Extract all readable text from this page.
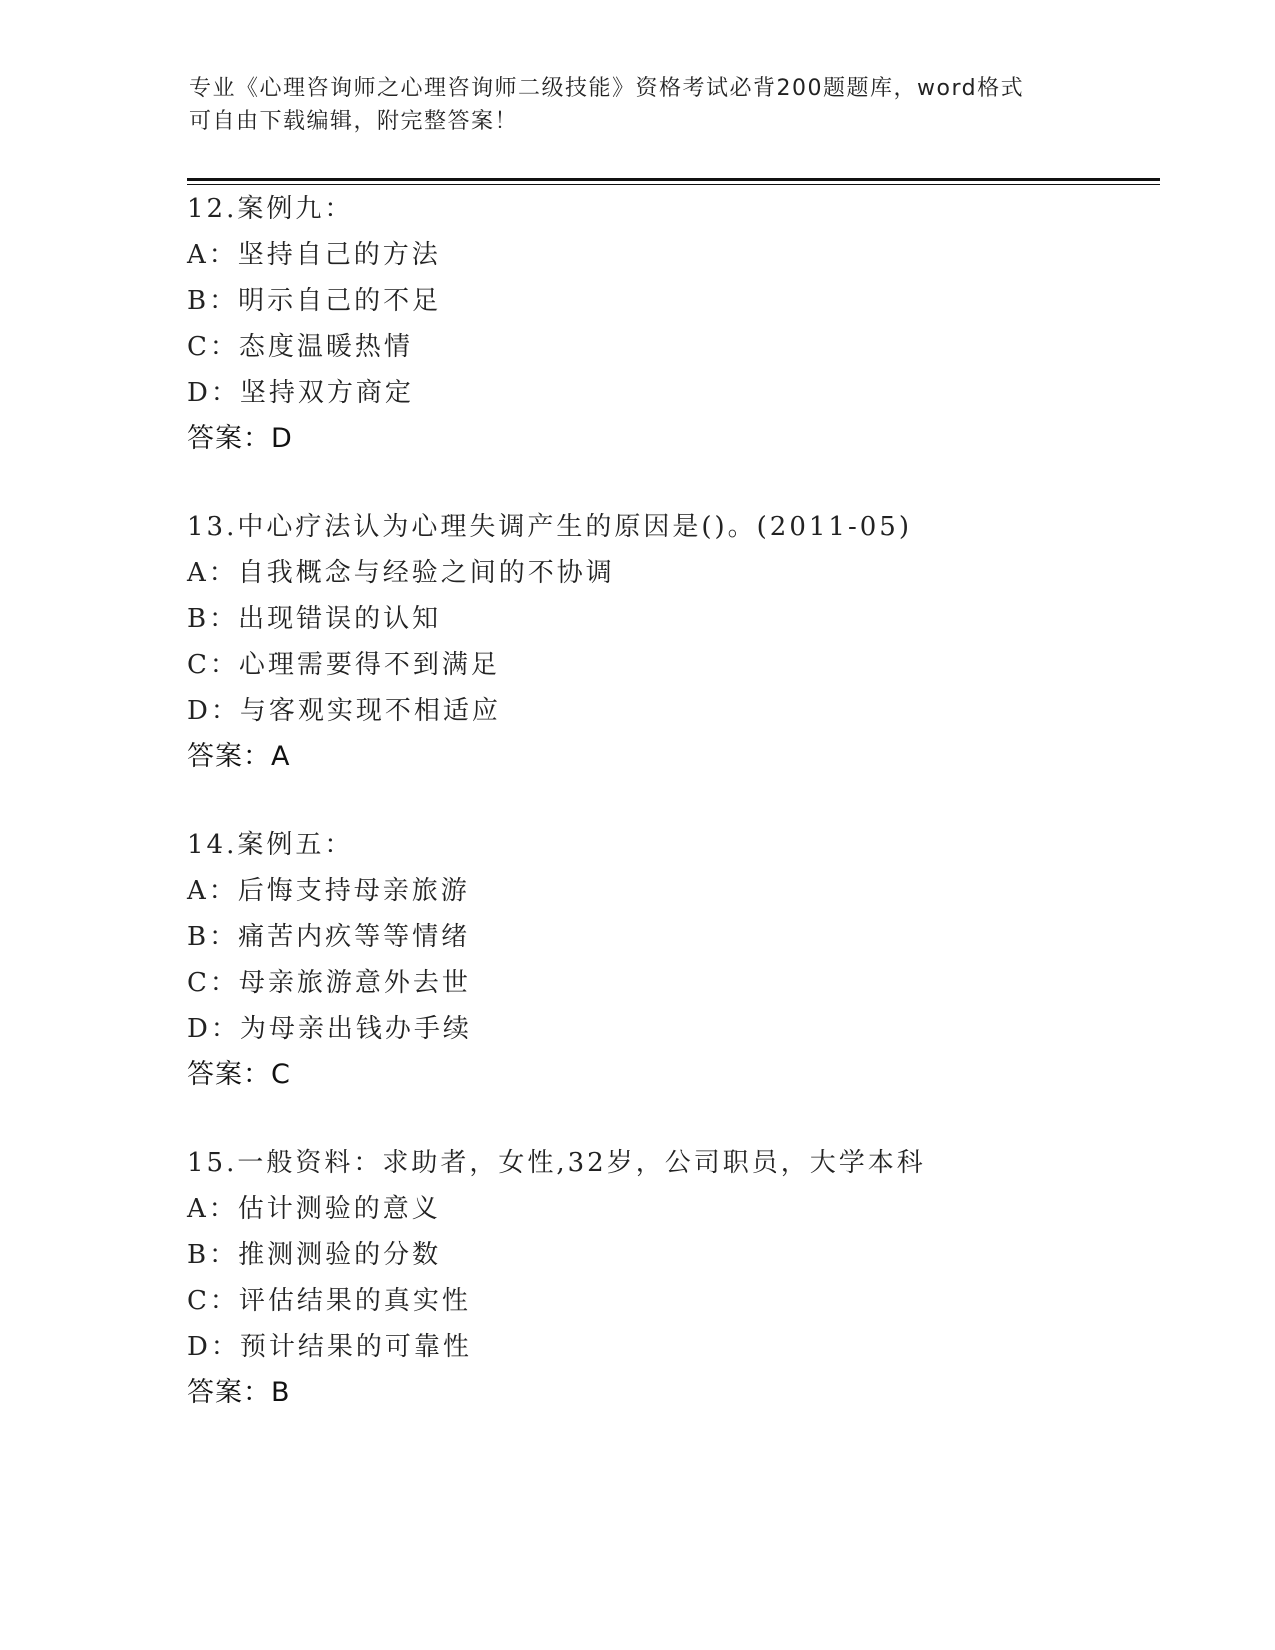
专业《心理咨询师之心理咨询师二级技能》资格考试必背200题题库，word格式
可自由下载编辑，附完整答案！
12.案例九：
A：坚持自己的方法
B：明示自己的不足
C：态度温暖热情
D：坚持双方商定
答案：D
13.中心疗法认为心理失调产生的原因是()。(2011-05)
A：自我概念与经验之间的不协调
B：出现错误的认知
C：心理需要得不到满足
D：与客观实现不相适应
答案：A
14.案例五：
A：后悔支持母亲旅游
B：痛苦内疚等等情绪
C：母亲旅游意外去世
D：为母亲出钱办手续
答案：C
15.一般资料：求助者，女性,32岁，公司职员，大学本科
A：估计测验的意义
B：推测测验的分数
C：评估结果的真实性
D：预计结果的可靠性
答案：B
